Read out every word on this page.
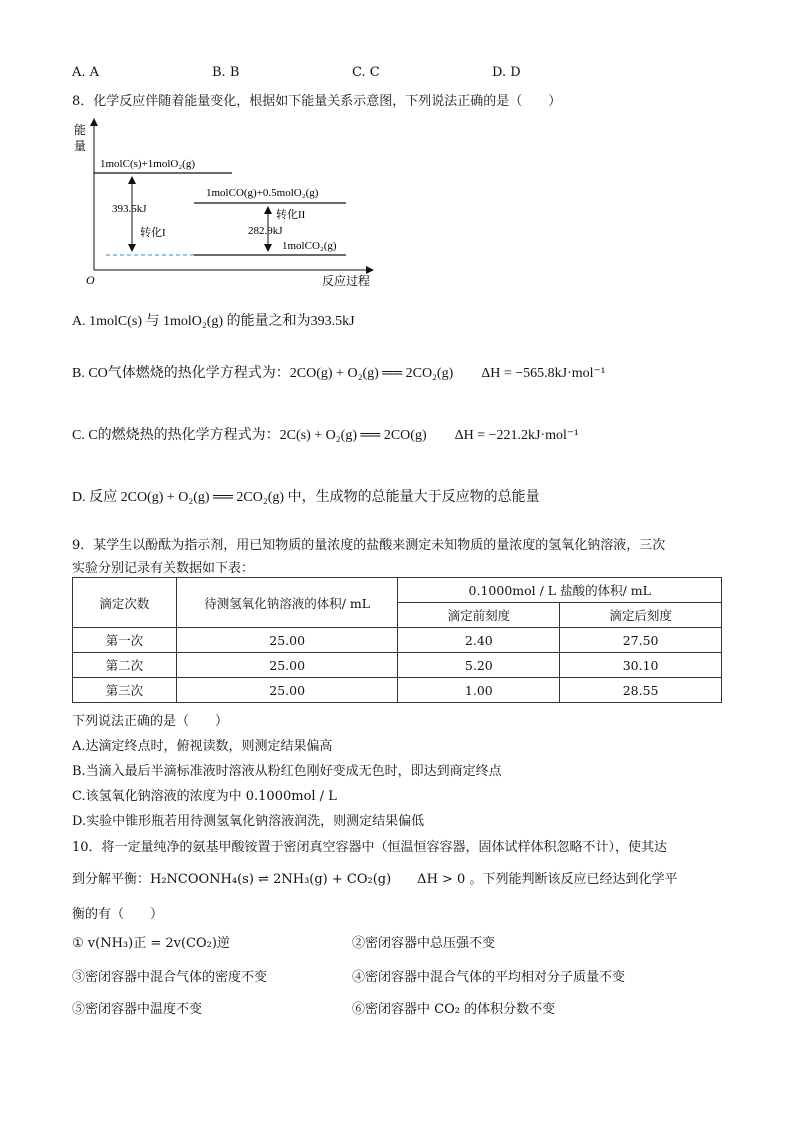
A. A	B. B	C. C	D. D
8．化学反应伴随着能量变化，根据如下能量关系示意图，下列说法正确的是（　　）
能
量
O	反应过程
1molC(s)+1molO₂(g)
1molCO(g)+0.5molO₂(g)
1molCO₂(g)
393.5kJ
转化I
转化II
282.9kJ
A. 1molC(s) 与 1molO₂(g) 的能量之和为393.5kJ
B. CO气体燃烧的热化学方程式为：2CO(g) + O₂(g) ══ 2CO₂(g)　　ΔH = −565.8kJ·mol⁻¹
C. C的燃烧热的热化学方程式为：2C(s) + O₂(g) ══ 2CO(g)　　ΔH = −221.2kJ·mol⁻¹
D. 反应 2CO(g) + O₂(g) ══ 2CO₂(g) 中，生成物的总能量大于反应物的总能量
9．某学生以酚酞为指示剂，用已知物质的量浓度的盐酸来测定未知物质的量浓度的氢氧化钠溶液，三次
实验分别记录有关数据如下表：
滴定次数	待测氢氧化钠溶液的体积/ mL	0.1000mol / L 盐酸的体积/ mL	
		滴定前刻度	滴定后刻度
第一次	25.00	2.40	27.50
第二次	25.00	5.20	30.10
第三次	25.00	1.00	28.55
下列说法正确的是（　　）
A.达滴定终点时，俯视读数，则测定结果偏高
B.当滴入最后半滴标准液时溶液从粉红色刚好变成无色时，即达到商定终点
C.该氢氧化钠溶液的浓度为中 0.1000mol / L
D.实验中锥形瓶若用待测氢氧化钠溶液润洗，则测定结果偏低
10．将一定量纯净的氨基甲酸铵置于密闭真空容器中（恒温恒容容器，固体试样体积忽略不计），使其达
到分解平衡：H₂NCOONH₄(s) ⇌ 2NH₃(g) + CO₂(g)　　ΔH > 0 。下列能判断该反应已经达到化学平
衡的有（　　）
① v(NH₃)正 = 2v(CO₂)逆	②密闭容器中总压强不变
③密闭容器中混合气体的密度不变	④密闭容器中混合气体的平均相对分子质量不变
⑤密闭容器中温度不变	⑥密闭容器中 CO₂ 的体积分数不变
